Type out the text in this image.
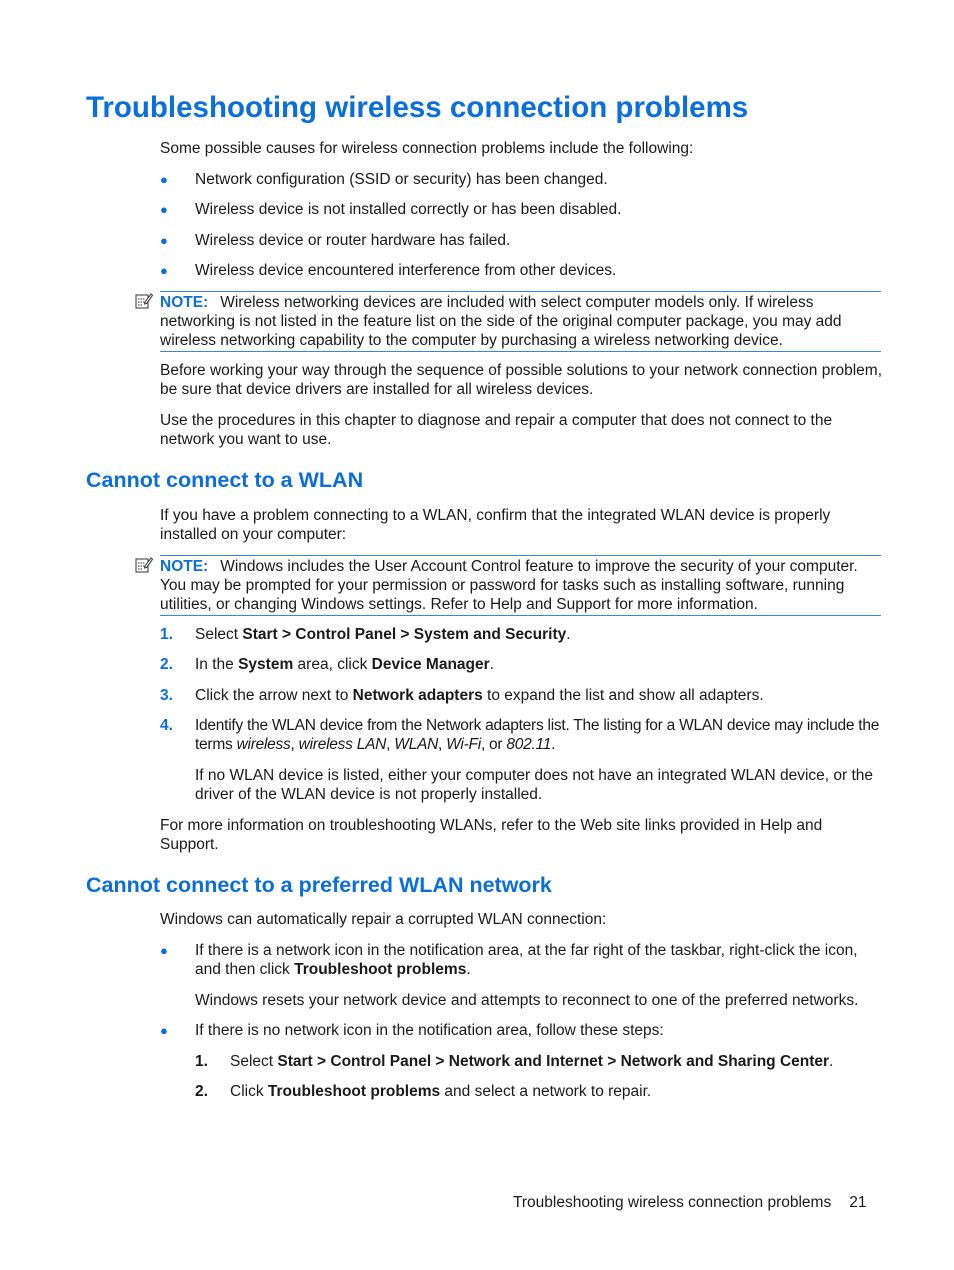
Troubleshooting wireless connection problems

Some possible causes for wireless connection problems include the following:

● Network configuration (SSID or security) has been changed.
● Wireless device is not installed correctly or has been disabled.
● Wireless device or router hardware has failed.
● Wireless device encountered interference from other devices.
NOTE: Wireless networking devices are included with select computer models only. If wireless networking is not listed in the feature list on the side of the original computer package, you may add wireless networking capability to the computer by purchasing a wireless networking device.

Before working your way through the sequence of possible solutions to your network connection problem, be sure that device drivers are installed for all wireless devices.

Use the procedures in this chapter to diagnose and repair a computer that does not connect to the network you want to use.

Cannot connect to a WLAN

If you have a problem connecting to a WLAN, confirm that the integrated WLAN device is properly installed on your computer:

NOTE: Windows includes the User Account Control feature to improve the security of your computer. You may be prompted for your permission or password for tasks such as installing software, running utilities, or changing Windows settings. Refer to Help and Support for more information.
1. Select Start > Control Panel > System and Security.
2. In the System area, click Device Manager.
3. Click the arrow next to Network adapters to expand the list and show all adapters.
4. Identify the WLAN device from the Network adapters list. The listing for a WLAN device may include the terms wireless, wireless LAN, WLAN, Wi-Fi, or 802.11.

If no WLAN device is listed, either your computer does not have an integrated WLAN device, or the driver of the WLAN device is not properly installed.

For more information on troubleshooting WLANs, refer to the Web site links provided in Help and Support.

Cannot connect to a preferred WLAN network

Windows can automatically repair a corrupted WLAN connection:

● If there is a network icon in the notification area, at the far right of the taskbar, right-click the icon, and then click Troubleshoot problems.

Windows resets your network device and attempts to reconnect to one of the preferred networks.

● If there is no network icon in the notification area, follow these steps:
1. Select Start > Control Panel > Network and Internet > Network and Sharing Center.
2. Click Troubleshoot problems and select a network to repair.
Troubleshooting wireless connection problems 21
